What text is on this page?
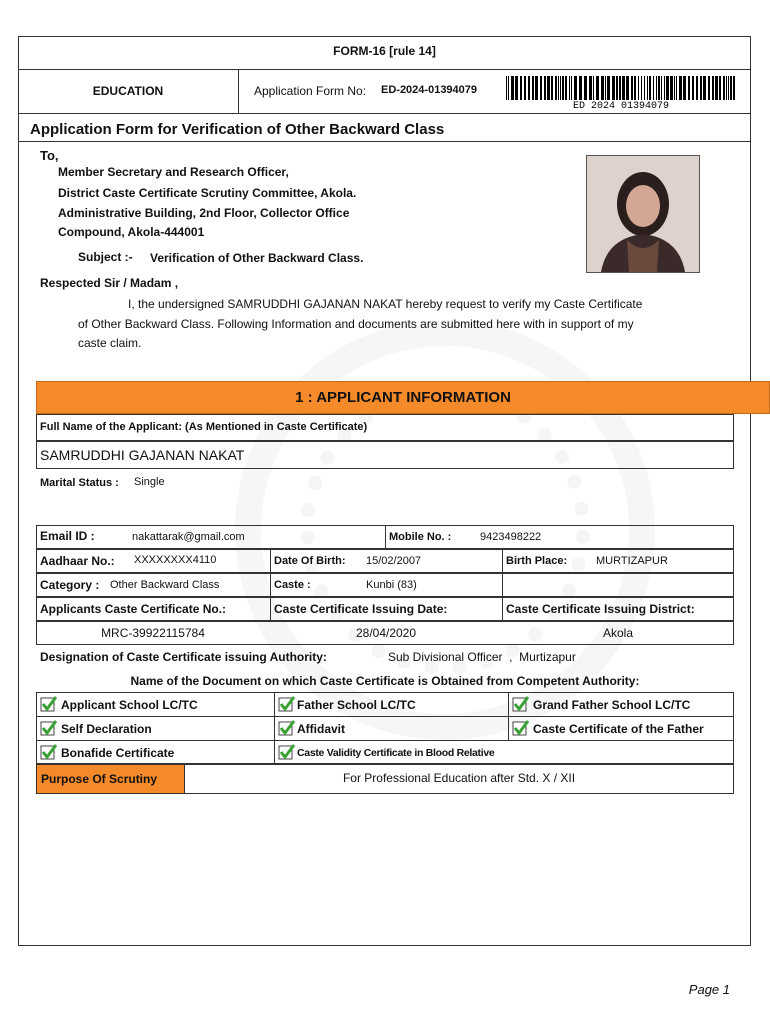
FORM-16 [rule 14]
EDUCATION	Application Form No: ED-2024-01394079
ED 2024 01394079
Application Form for Verification of Other Backward Class
To,
Member Secretary and Research Officer,
District Caste Certificate Scrutiny Committee, Akola.
Administrative Building, 2nd Floor, Collector Office
Compound, Akola-444001
Subject :- Verification of Other Backward Class.
Respected Sir / Madam ,
I, the undersigned SAMRUDDHI GAJANAN NAKAT hereby request to verify my Caste Certificate
of Other Backward Class. Following Information and documents are submitted here with in support of my
caste claim.
1 : APPLICANT INFORMATION
Full Name of the Applicant: (As Mentioned in Caste Certificate)
SAMRUDDHI GAJANAN NAKAT
Marital Status : Single
Email ID :	nakattarak@gmail.com	Mobile No. :	9423498222
Aadhaar No.: XXXXXXXX4110	Date Of Birth: 15/02/2007	Birth Place:	MURTIZAPUR
Category : Other Backward Class	Caste :	Kunbi (83)
Applicants Caste Certificate No.:	Caste Certificate Issuing Date:	Caste Certificate Issuing District:
MRC-39922115784	28/04/2020	Akola
Designation of Caste Certificate issuing Authority:	Sub Divisional Officer  ,  Murtizapur
Name of the Document on which Caste Certificate is Obtained from Competent Authority:
Applicant School LC/TC	Father School LC/TC	Grand Father School LC/TC
Self Declaration	Affidavit	Caste Certificate of the Father
Bonafide Certificate	Caste Validity Certificate in Blood Relative
Purpose Of Scrutiny	For Professional Education after Std. X / XII
Page 1
